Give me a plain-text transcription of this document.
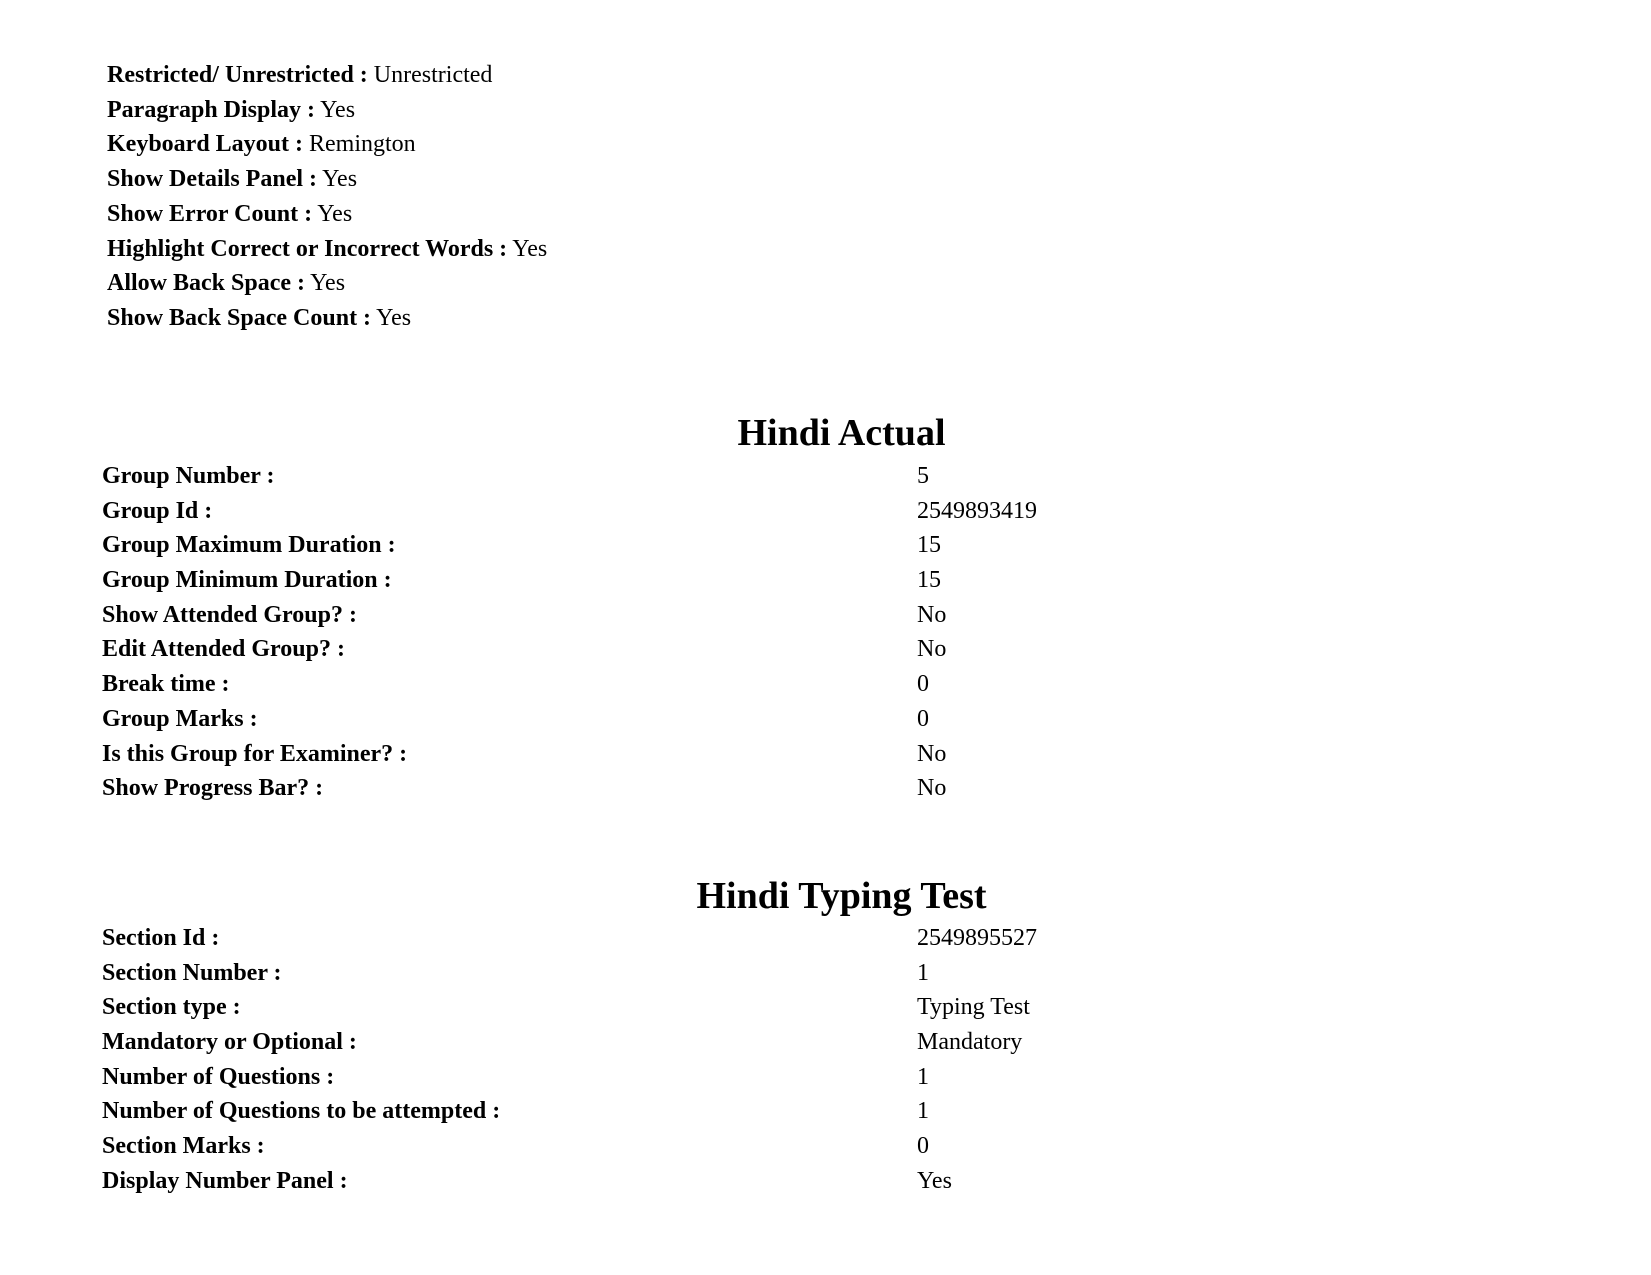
Restricted/ Unrestricted : Unrestricted
Paragraph Display : Yes
Keyboard Layout : Remington
Show Details Panel : Yes
Show Error Count : Yes
Highlight Correct or Incorrect Words : Yes
Allow Back Space : Yes
Show Back Space Count : Yes
Hindi Actual
Group Number :	5
Group Id :	2549893419
Group Maximum Duration :	15
Group Minimum Duration :	15
Show Attended Group? :	No
Edit Attended Group? :	No
Break time :	0
Group Marks :	0
Is this Group for Examiner? :	No
Show Progress Bar? :	No
Hindi Typing Test
Section Id :	2549895527
Section Number :	1
Section type :	Typing Test
Mandatory or Optional :	Mandatory
Number of Questions :	1
Number of Questions to be attempted :	1
Section Marks :	0
Display Number Panel :	Yes
